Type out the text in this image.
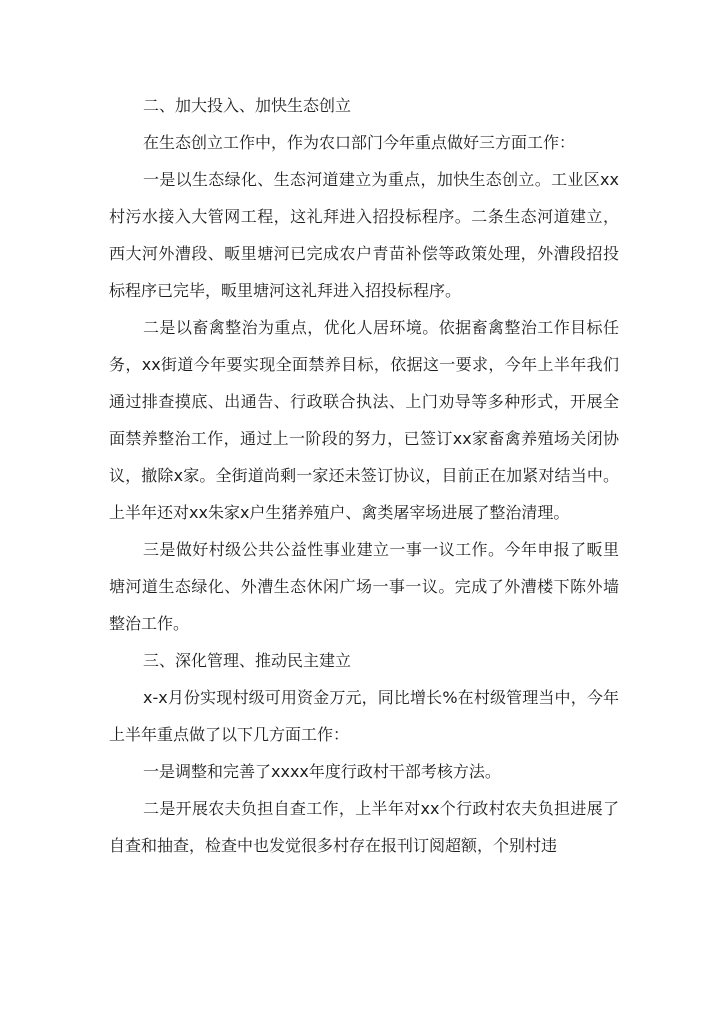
二、加大投入、加快生态创立

在生态创立工作中，作为农口部门今年重点做好三方面工作：

一是以生态绿化、生态河道建立为重点，加快生态创立。工业区xx村污水接入大管网工程，这礼拜进入招投标程序。二条生态河道建立，西大河外漕段、畈里塘河已完成农户青苗补偿等政策处理，外漕段招投标程序已完毕，畈里塘河这礼拜进入招投标程序。

二是以畜禽整治为重点，优化人居环境。依据畜禽整治工作目标任务，xx街道今年要实现全面禁养目标，依据这一要求，今年上半年我们通过排查摸底、出通告、行政联合执法、上门劝导等多种形式，开展全面禁养整治工作，通过上一阶段的努力，已签订xx家畜禽养殖场关闭协议，撤除x家。全街道尚剩一家还未签订协议，目前正在加紧对结当中。上半年还对xx朱家x户生猪养殖户、禽类屠宰场进展了整治清理。

三是做好村级公共公益性事业建立一事一议工作。今年申报了畈里塘河道生态绿化、外漕生态休闲广场一事一议。完成了外漕楼下陈外墙整治工作。

三、深化管理、推动民主建立

x-x月份实现村级可用资金万元，同比增长%在村级管理当中，今年上半年重点做了以下几方面工作：

一是调整和完善了xxxx年度行政村干部考核方法。

二是开展农夫负担自查工作，上半年对xx个行政村农夫负担进展了自查和抽查，检查中也发觉很多村存在报刊订阅超额，个别村违
